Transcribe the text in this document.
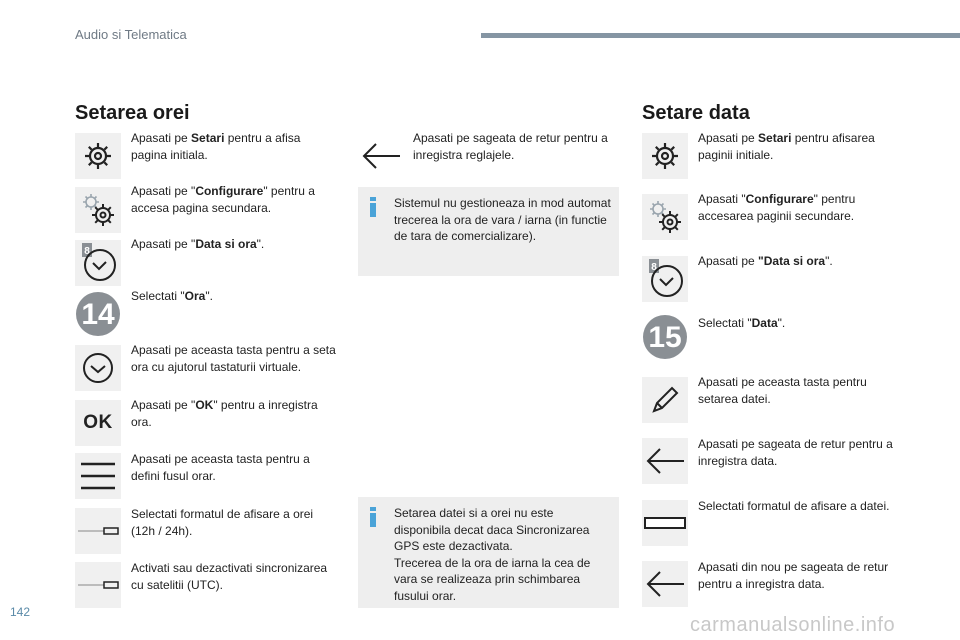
Audio si Telematica
Setarea orei
Apasati pe Setari pentru a afisa pagina initiala.
Apasati pe "Configurare" pentru a accesa pagina secundara.
8
Apasati pe "Data si ora".
14
Selectati "Ora".
Apasati pe aceasta tasta pentru a seta ora cu ajutorul tastaturii virtuale.
OK
Apasati pe "OK" pentru a inregistra ora.
Apasati pe aceasta tasta pentru a defini fusul orar.
Selectati formatul de afisare a orei (12h / 24h).
Activati sau dezactivati sincronizarea cu satelitii (UTC).
Apasati pe sageata de retur pentru a inregistra reglajele.
Sistemul nu gestioneaza in mod automat trecerea la ora de vara / iarna (in functie de tara de comercializare).
Setarea datei si a orei nu este disponibila decat daca Sincronizarea GPS este dezactivata.
Trecerea de la ora de iarna la cea de vara se realizeaza prin schimbarea fusului orar.
Setare data
Apasati pe Setari pentru afisarea paginii initiale.
Apasati "Configurare" pentru accesarea paginii secundare.
8	Apasati pe "Data si ora".
15 Selectati "Data".
Apasati pe aceasta tasta pentru setarea datei.
Apasati pe sageata de retur pentru a inregistra data.
Selectati formatul de afisare a datei.
Apasati din nou pe sageata de retur pentru a inregistra data.
142
carmanualsonline.info
